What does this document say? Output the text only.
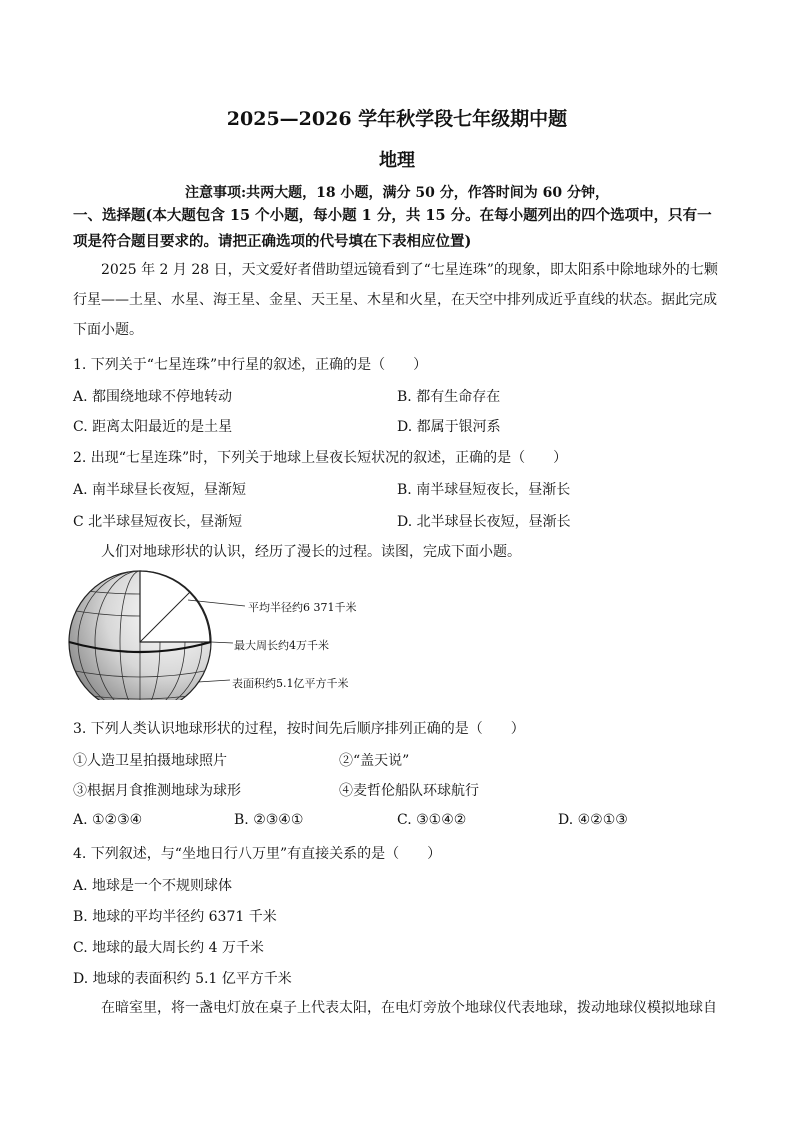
2025—2026 学年秋学段七年级期中题
地理
注意事项:共两大题，18 小题，满分 50 分，作答时间为 60 分钟，
一、选择题(本大题包含 15 个小题，每小题 1 分，共 15 分。在每小题列出的四个选项中，只有一项是符合题目要求的。请把正确选项的代号填在下表相应位置)
2025 年 2 月 28 日，天文爱好者借助望远镜看到了“七星连珠”的现象，即太阳系中除地球外的七颗行星——土星、水星、海王星、金星、天王星、木星和火星，在天空中排列成近乎直线的状态。据此完成下面小题。
1. 下列关于“七星连珠”中行星的叙述，正确的是（　　）
A. 都围绕地球不停地转动	B. 都有生命存在
C. 距离太阳最近的是土星	D. 都属于银河系
2. 出现“七星连珠”时，下列关于地球上昼夜长短状况的叙述，正确的是（　　）
A. 南半球昼长夜短，昼渐短	B. 南半球昼短夜长，昼渐长
C 北半球昼短夜长，昼渐短	D. 北半球昼长夜短，昼渐长
人们对地球形状的认识，经历了漫长的过程。读图，完成下面小题。
平均半径约6 371千米
最大周长约4万千米
表面积约5.1亿平方千米
3. 下列人类认识地球形状的过程，按时间先后顺序排列正确的是（　　）
①人造卫星拍摄地球照片	②“盖天说”
③根据月食推测地球为球形	④麦哲伦船队环球航行
A. ①②③④	B. ②③④①	C. ③①④②	D. ④②①③
4. 下列叙述，与“坐地日行八万里”有直接关系的是（　　）
A. 地球是一个不规则球体
B. 地球的平均半径约 6371 千米
C. 地球的最大周长约 4 万千米
D. 地球的表面积约 5.1 亿平方千米
在暗室里，将一盏电灯放在桌子上代表太阳，在电灯旁放个地球仪代表地球，拨动地球仪模拟地球自
